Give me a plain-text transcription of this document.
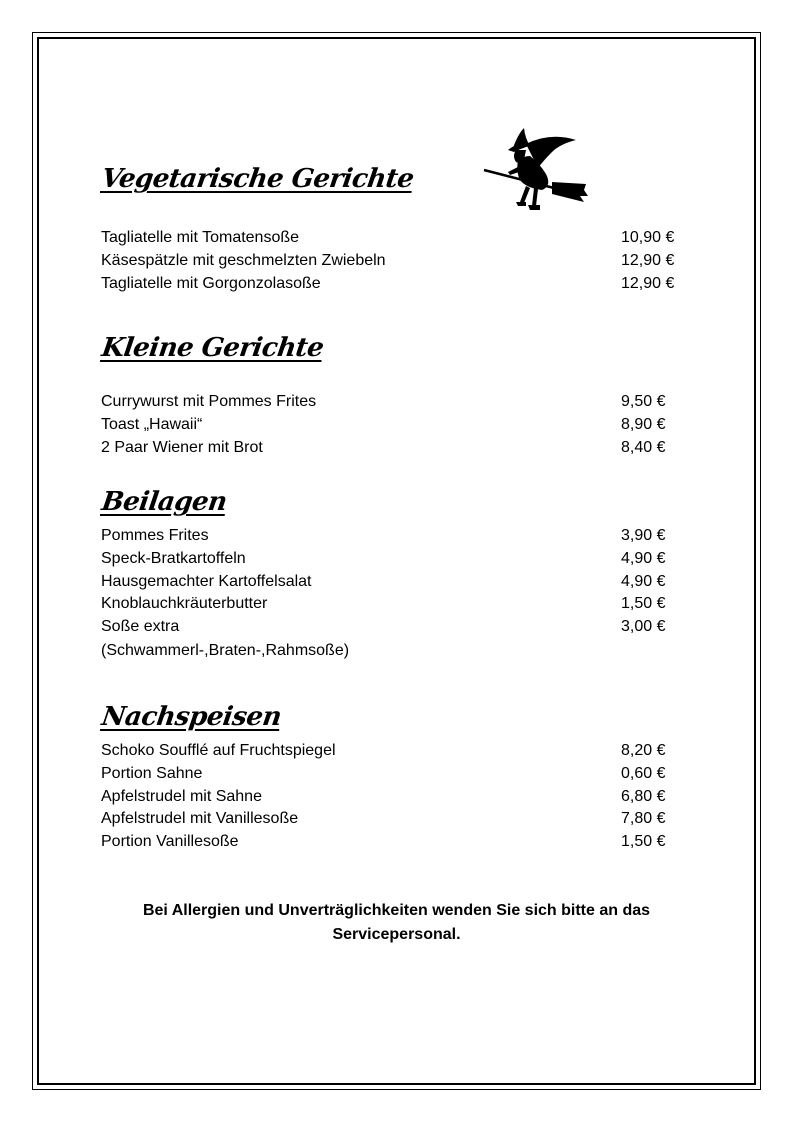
Vegetarische Gerichte
Tagliatelle mit Tomatensoße	10,90 €
Käsespätzle mit geschmelzten Zwiebeln	12,90 €
Tagliatelle mit Gorgonzolasoße	12,90 €
Kleine Gerichte
Currywurst mit Pommes Frites	9,50 €
Toast „Hawaii“	8,90 €
2 Paar Wiener mit Brot	8,40 €
Beilagen
Pommes Frites	3,90 €
Speck-Bratkartoffeln	4,90 €
Hausgemachter Kartoffelsalat	4,90 €
Knoblauchkräuterbutter	1,50 €
Soße extra	3,00 €
(Schwammerl-,Braten-,Rahmsoße)
Nachspeisen
Schoko Soufflé auf Fruchtspiegel	8,20 €
Portion Sahne	0,60 €
Apfelstrudel mit Sahne	6,80 €
Apfelstrudel mit Vanillesoße	7,80 €
Portion Vanillesoße	1,50 €

Bei Allergien und Unverträglichkeiten wenden Sie sich bitte an das
Servicepersonal.
